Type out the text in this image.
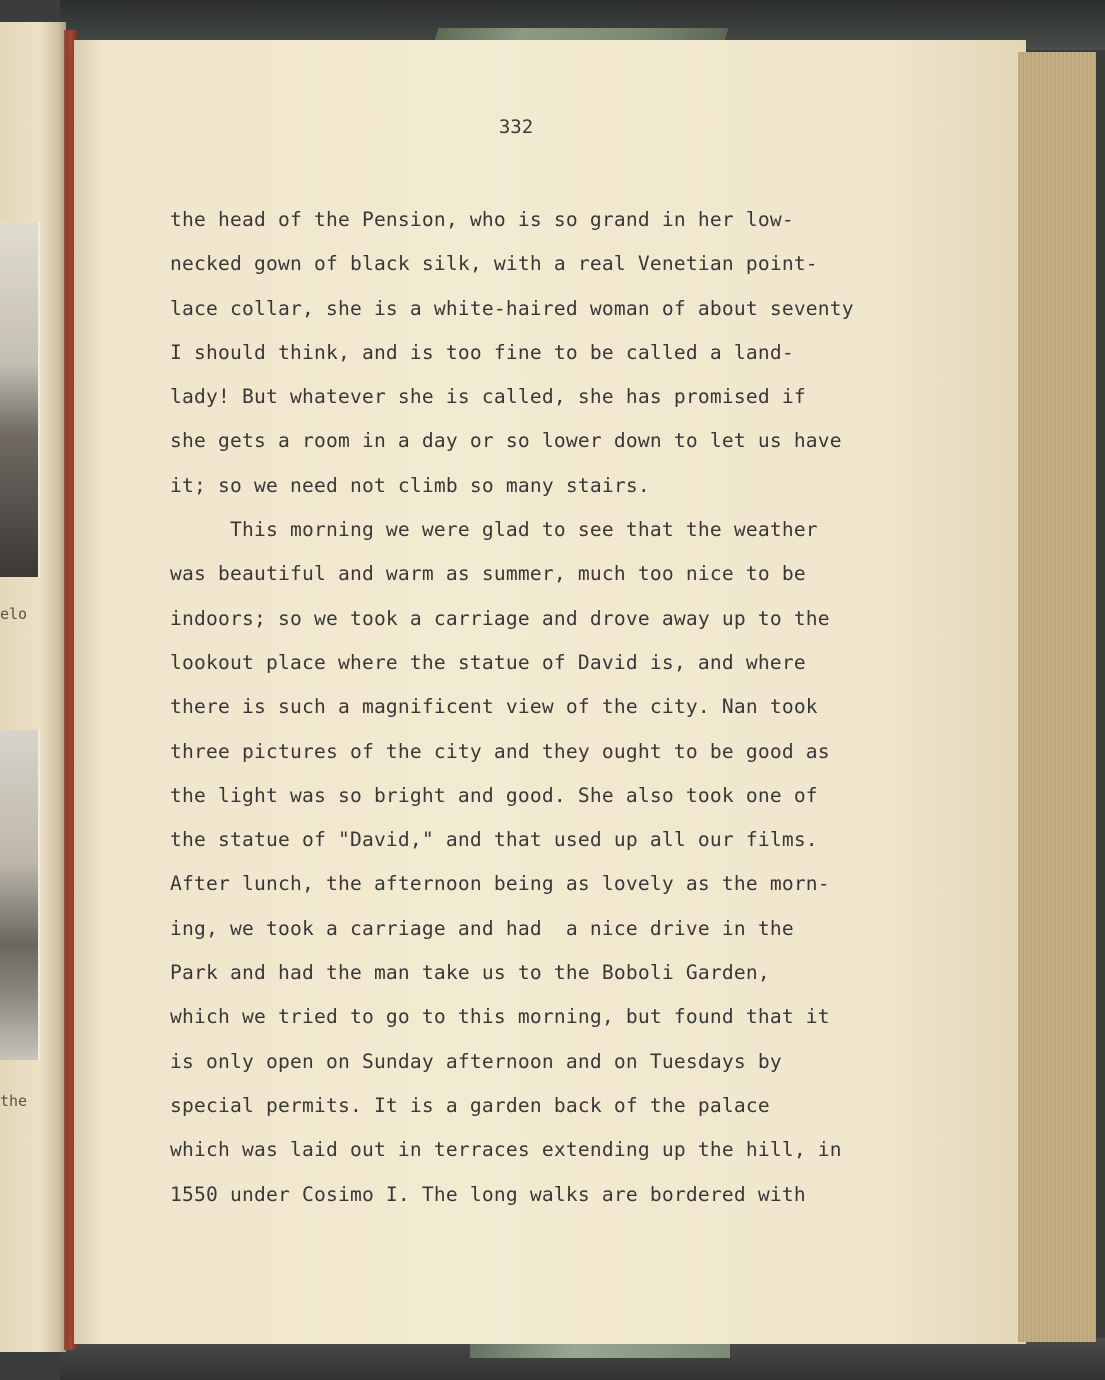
elo
the
332
the head of the Pension, who is so grand in her low-
necked gown of black silk, with a real Venetian point-
lace collar, she is a white-haired woman of about seventy
I should think, and is too fine to be called a land-
lady! But whatever she is called, she has promised if
she gets a room in a day or so lower down to let us have
it; so we need not climb so many stairs.
This morning we were glad to see that the weather
was beautiful and warm as summer, much too nice to be
indoors; so we took a carriage and drove away up to the
lookout place where the statue of David is, and where
there is such a magnificent view of the city. Nan took
three pictures of the city and they ought to be good as
the light was so bright and good. She also took one of
the statue of "David," and that used up all our films.
After lunch, the afternoon being as lovely as the morn-
ing, we took a carriage and had  a nice drive in the
Park and had the man take us to the Boboli Garden,
which we tried to go to this morning, but found that it
is only open on Sunday afternoon and on Tuesdays by
special permits. It is a garden back of the palace
which was laid out in terraces extending up the hill, in
1550 under Cosimo I. The long walks are bordered with
